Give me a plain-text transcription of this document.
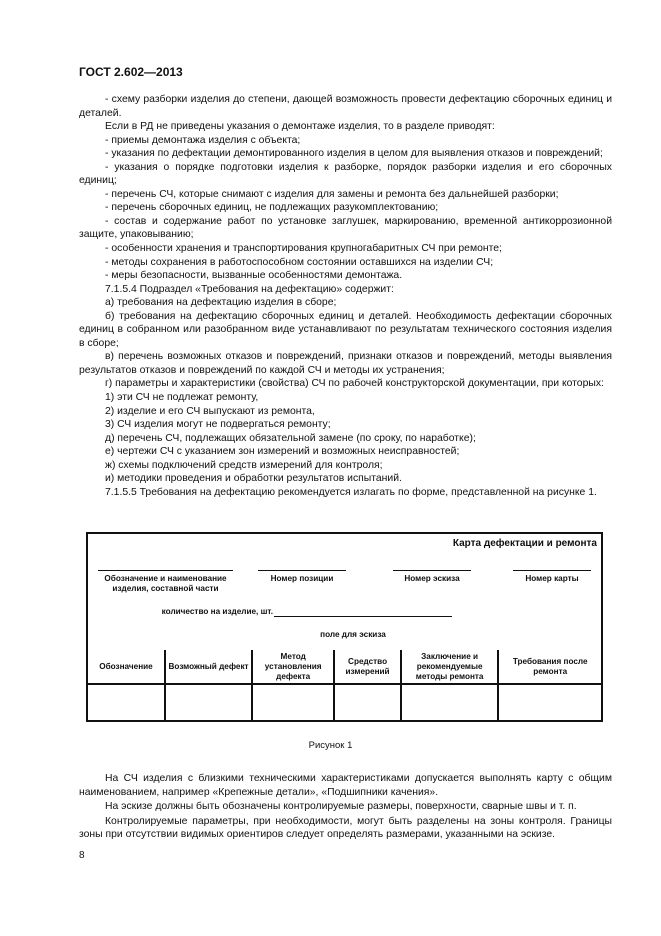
ГОСТ 2.602—2013

- схему разборки изделия до степени, дающей возможность провести дефектацию сборочных единиц и деталей.

Если в РД не приведены указания о демонтаже изделия, то в разделе приводят:

- приемы демонтажа изделия с объекта;

- указания по дефектации демонтированного изделия в целом для выявления отказов и повреждений;

- указания о порядке подготовки изделия к разборке, порядок разборки изделия и его сборочных единиц;

- перечень СЧ, которые снимают с изделия для замены и ремонта без дальнейшей разборки;

- перечень сборочных единиц, не подлежащих разукомплектованию;

- состав и содержание работ по установке заглушек, маркированию, временной антикоррозионной защите, упаковыванию;

- особенности хранения и транспортирования крупногабаритных СЧ при ремонте;

- методы сохранения в работоспособном состоянии оставшихся на изделии СЧ;

- меры безопасности, вызванные особенностями демонтажа.

7.1.5.4 Подраздел «Требования на дефектацию» содержит:

а) требования на дефектацию изделия в сборе;

б) требования на дефектацию сборочных единиц и деталей. Необходимость дефектации сборочных единиц в собранном или разобранном виде устанавливают по результатам технического состояния изделия в сборе;

в) перечень возможных отказов и повреждений, признаки отказов и повреждений, методы выявления результатов отказов и повреждений по каждой СЧ и методы их устранения;

г) параметры и характеристики (свойства) СЧ по рабочей конструкторской документации, при которых:

1) эти СЧ не подлежат ремонту,

2) изделие и его СЧ выпускают из ремонта,

3) СЧ изделия могут не подвергаться ремонту;

д) перечень СЧ, подлежащих обязательной замене (по сроку, по наработке);

е) чертежи СЧ с указанием зон измерений и возможных неисправностей;

ж) схемы подключений средств измерений для контроля;

и) методики проведения и обработки результатов испытаний.

7.1.5.5 Требования на дефектацию рекомендуется излагать по форме, представленной на рисунке 1.

Карта дефектации и ремонта
Обозначение и наименование изделия, составной части
Номер позиции	Номер эскиза	Номер карты
количество на изделие, шт.
поле для эскиза
Обозначение	Возможный дефект	Метод установления дефекта	Средство измерений	Заключение и рекомендуемые методы ремонта	Требования после ремонта

Рисунок 1

На СЧ изделия с близкими техническими характеристиками допускается выполнять карту с общим наименованием, например «Крепежные детали», «Подшипники качения».

На эскизе должны быть обозначены контролируемые размеры, поверхности, сварные швы и т. п.

Контролируемые параметры, при необходимости, могут быть разделены на зоны контроля. Границы зоны при отсутствии видимых ориентиров следует определять размерами, указанными на эскизе.

8
